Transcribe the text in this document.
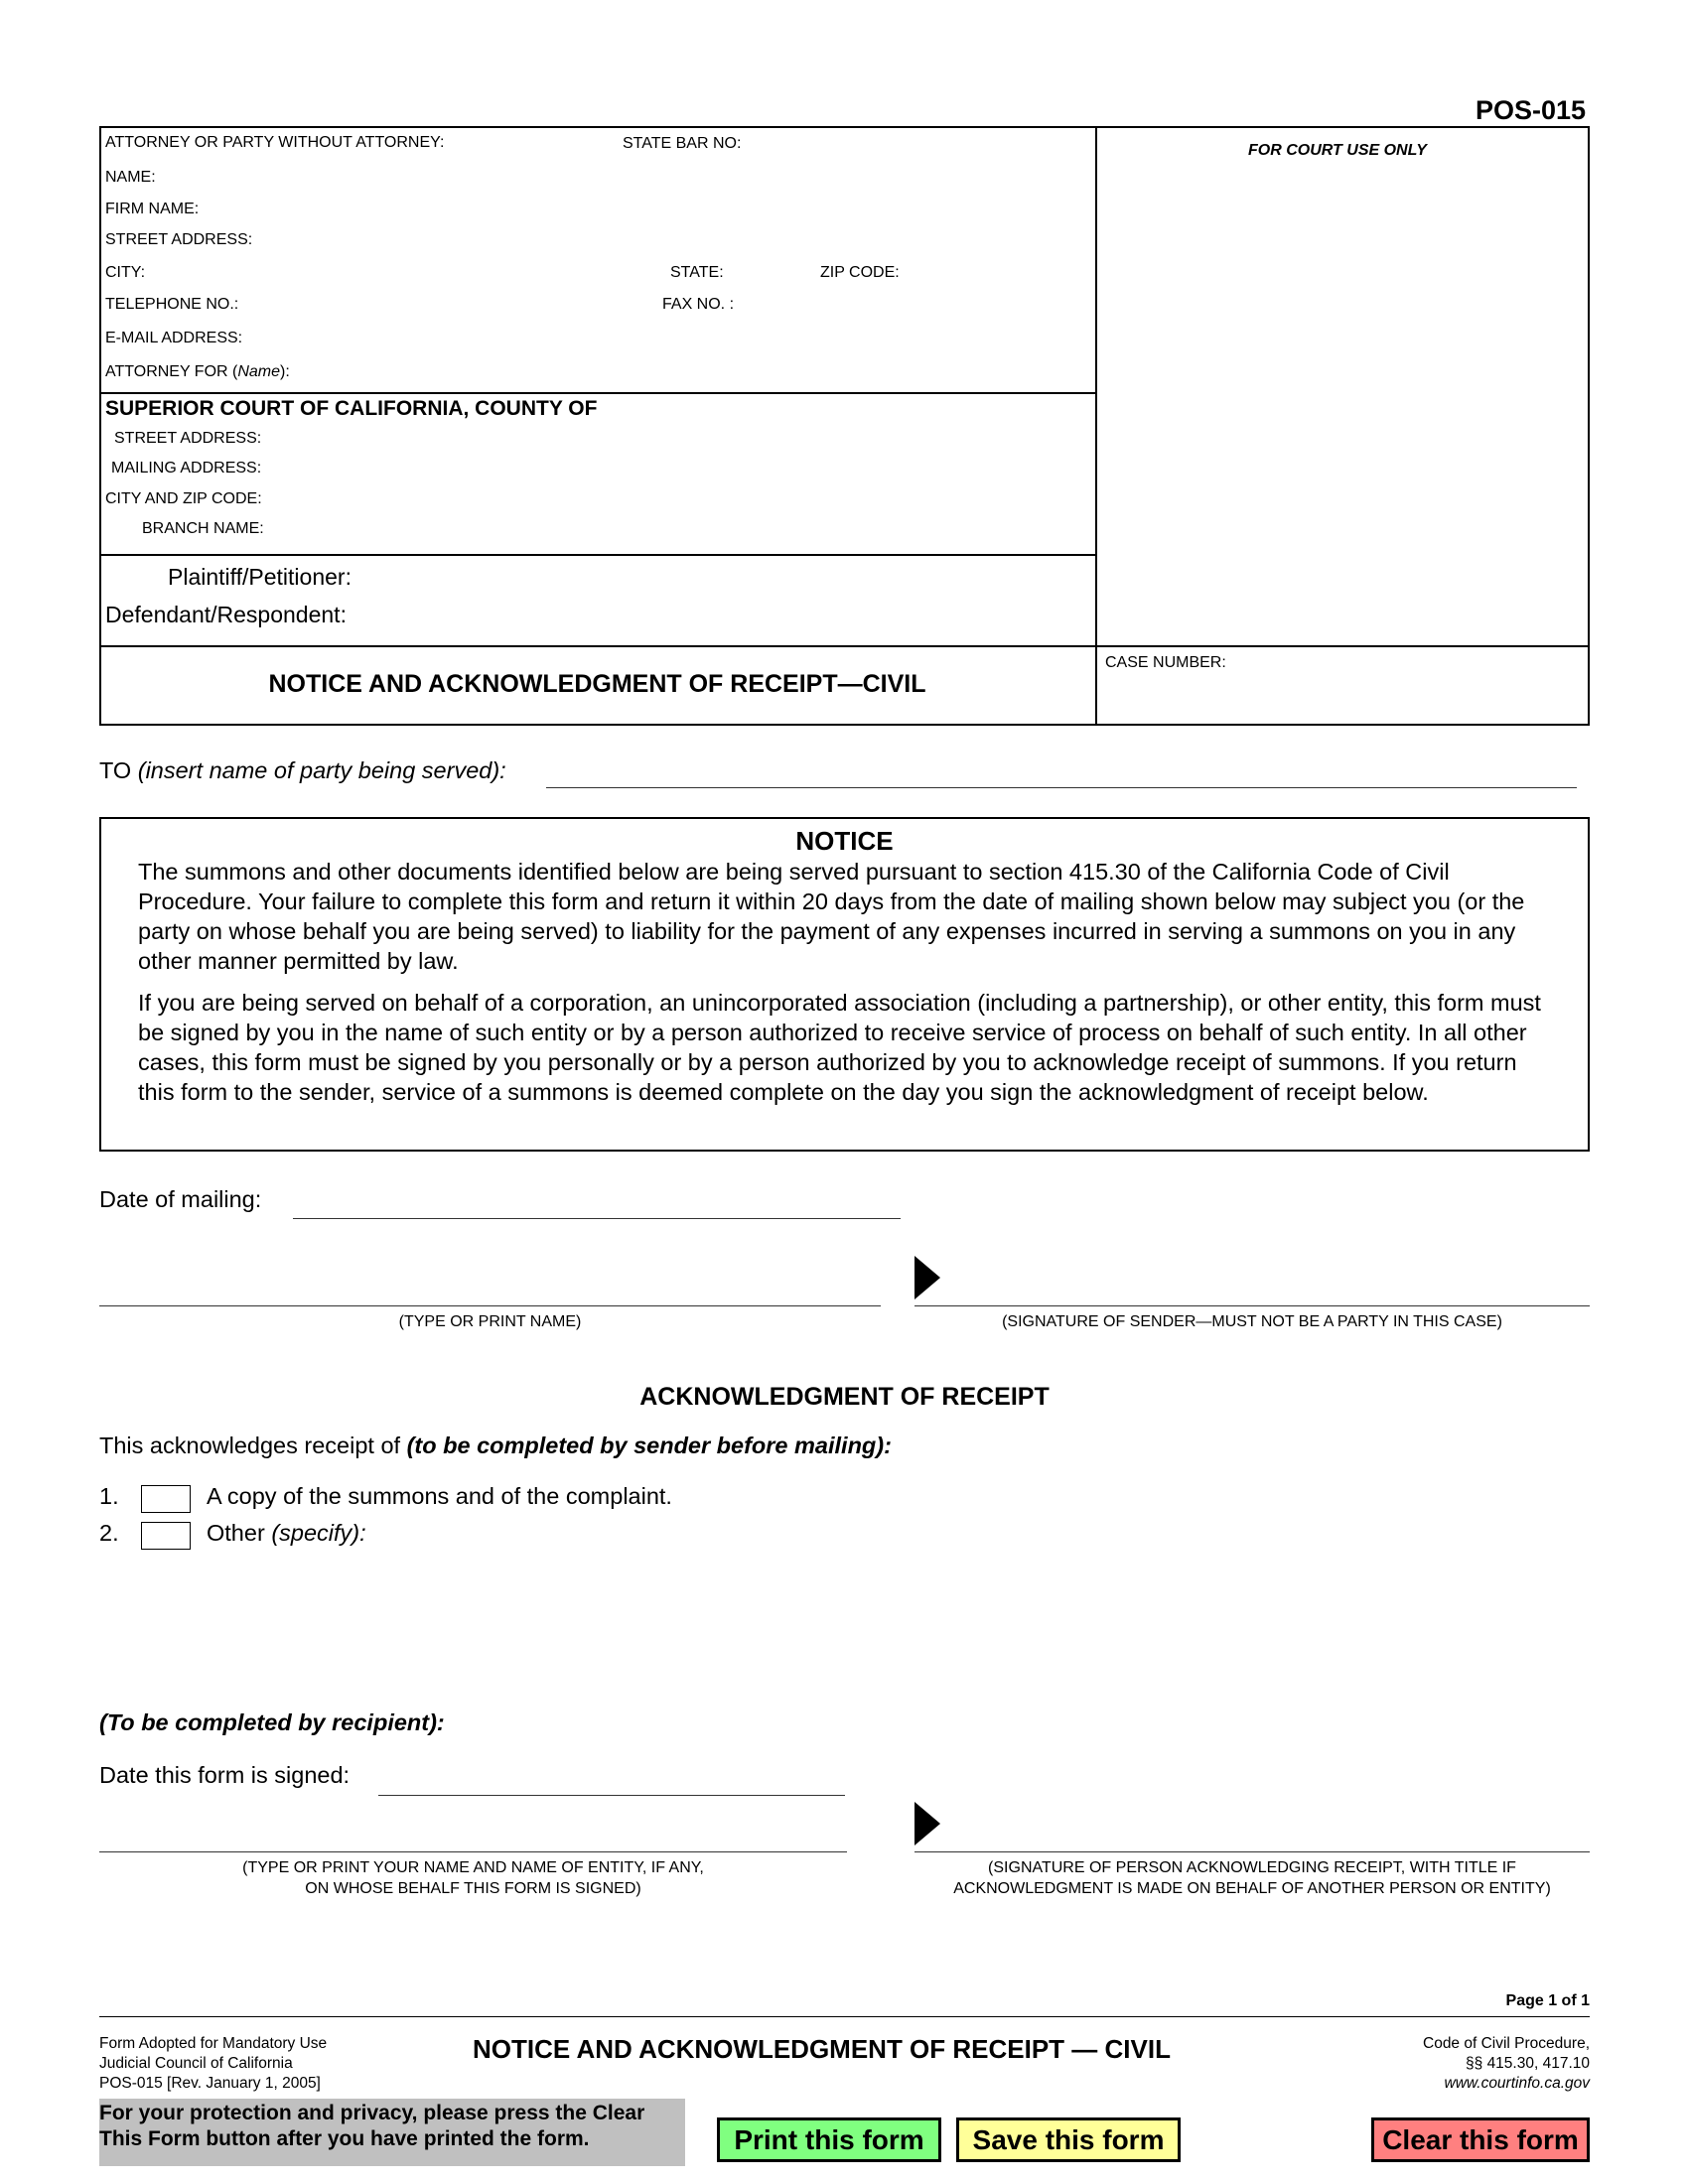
POS-015
ATTORNEY OR PARTY WITHOUT ATTORNEY:	STATE BAR NO:
NAME:
FIRM NAME:
STREET ADDRESS:
CITY:	STATE:	ZIP CODE:
TELEPHONE NO.:	FAX NO. :
E-MAIL ADDRESS:
ATTORNEY FOR (Name):
FOR COURT USE ONLY
SUPERIOR COURT OF CALIFORNIA, COUNTY OF
STREET ADDRESS:
MAILING ADDRESS:
CITY AND ZIP CODE:
BRANCH NAME:
Plaintiff/Petitioner:
Defendant/Respondent:
NOTICE AND ACKNOWLEDGMENT OF RECEIPT—CIVIL
CASE NUMBER:
TO (insert name of party being served):
NOTICE
The summons and other documents identified below are being served pursuant to section 415.30 of the California Code of Civil Procedure. Your failure to complete this form and return it within 20 days from the date of mailing shown below may subject you (or the party on whose behalf you are being served) to liability for the payment of any expenses incurred in serving a summons on you in any other manner permitted by law.
If you are being served on behalf of a corporation, an unincorporated association (including a partnership), or other entity, this form must be signed by you in the name of such entity or by a person authorized to receive service of process on behalf of such entity. In all other cases, this form must be signed by you personally or by a person authorized by you to acknowledge receipt of summons. If you return this form to the sender, service of a summons is deemed complete on the day you sign the acknowledgment of receipt below.
Date of mailing:
(TYPE OR PRINT NAME)	(SIGNATURE OF SENDER—MUST NOT BE A PARTY IN THIS CASE)
ACKNOWLEDGMENT OF RECEIPT
This acknowledges receipt of (to be completed by sender before mailing):
1.	A copy of the summons and of the complaint.
2.	Other (specify):
(To be completed by recipient):
Date this form is signed:
(TYPE OR PRINT YOUR NAME AND NAME OF ENTITY, IF ANY,
ON WHOSE BEHALF THIS FORM IS SIGNED)
(SIGNATURE OF PERSON ACKNOWLEDGING RECEIPT, WITH TITLE IF
ACKNOWLEDGMENT IS MADE ON BEHALF OF ANOTHER PERSON OR ENTITY)
Page 1 of 1
Form Adopted for Mandatory Use
Judicial Council of California
POS-015 [Rev. January 1, 2005]
NOTICE AND ACKNOWLEDGMENT OF RECEIPT — CIVIL	Code of Civil Procedure,
§§ 415.30, 417.10
www.courtinfo.ca.gov
For your protection and privacy, please press the Clear
This Form button after you have printed the form.	Print this form	Save this form	Clear this form
